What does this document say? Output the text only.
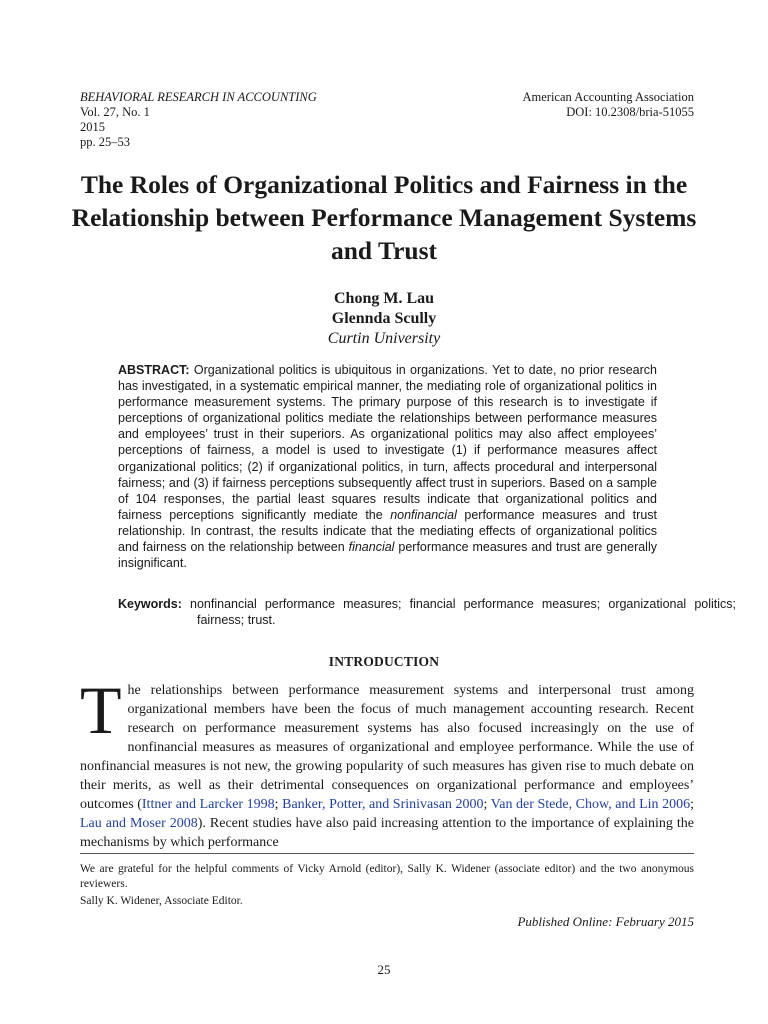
BEHAVIORAL RESEARCH IN ACCOUNTING
Vol. 27, No. 1
2015
pp. 25–53
American Accounting Association
DOI: 10.2308/bria-51055
The Roles of Organizational Politics and Fairness in the Relationship between Performance Management Systems and Trust
Chong M. Lau
Glennda Scully
Curtin University

ABSTRACT: Organizational politics is ubiquitous in organizations. Yet to date, no prior research has investigated, in a systematic empirical manner, the mediating role of organizational politics in performance measurement systems. The primary purpose of this research is to investigate if perceptions of organizational politics mediate the relationships between performance measures and employees’ trust in their superiors. As organizational politics may also affect employees’ perceptions of fairness, a model is used to investigate (1) if performance measures affect organizational politics; (2) if organizational politics, in turn, affects procedural and interpersonal fairness; and (3) if fairness perceptions subsequently affect trust in superiors. Based on a sample of 104 responses, the partial least squares results indicate that organizational politics and fairness perceptions significantly mediate the nonfinancial performance measures and trust relationship. In contrast, the results indicate that the mediating effects of organizational politics and fairness on the relationship between financial performance measures and trust are generally insignificant.

Keywords: nonfinancial performance measures; financial performance measures; organizational politics; fairness; trust.

INTRODUCTION

The relationships between performance measurement systems and interpersonal trust among organizational members have been the focus of much management accounting research. Recent research on performance measurement systems has also focused increasingly on the use of nonfinancial measures as measures of organizational and employee performance. While the use of nonfinancial measures is not new, the growing popularity of such measures has given rise to much debate on their merits, as well as their detrimental consequences on organizational performance and employees’ outcomes (Ittner and Larcker 1998; Banker, Potter, and Srinivasan 2000; Van der Stede, Chow, and Lin 2006; Lau and Moser 2008). Recent studies have also paid increasing attention to the importance of explaining the mechanisms by which performance

We are grateful for the helpful comments of Vicky Arnold (editor), Sally K. Widener (associate editor) and the two anonymous reviewers.

Sally K. Widener, Associate Editor.

Published Online: February 2015
25
